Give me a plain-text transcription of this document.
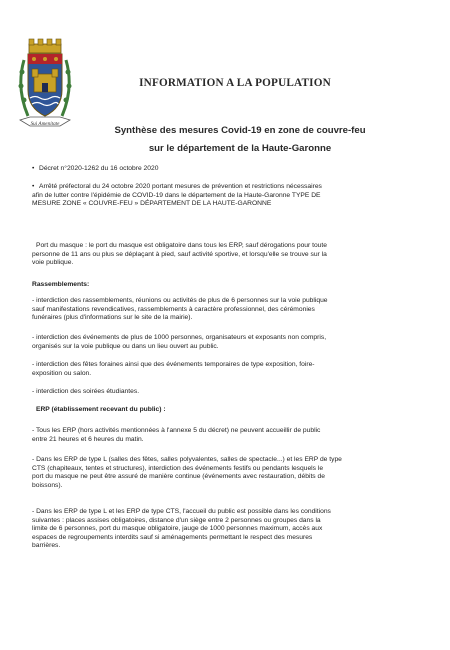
Sui Amenitate
INFORMATION A LA POPULATION
Synthèse des mesures Covid-19 en zone de couvre-feu
sur le département de la Haute-Garonne
• Décret n°2020-1262 du 16 octobre 2020
• Arrêté préfectoral du 24 octobre 2020 portant mesures de prévention et restrictions nécessaires

afin de lutter contre l'épidémie de COVID-19 dans le département de la Haute-Garonne TYPE DE

MESURE ZONE « COUVRE-FEU » DÉPARTEMENT DE LA HAUTE-GARONNE

Port du masque : le port du masque est obligatoire dans tous les ERP, sauf dérogations pour toute

personne de 11 ans ou plus se déplaçant à pied, sauf activité sportive, et lorsqu'elle se trouve sur la

voie publique.

Rassemblements:

- interdiction des rassemblements, réunions ou activités de plus de 6 personnes sur la voie publique

sauf manifestations revendicatives, rassemblements à caractère professionnel, des cérémonies

funéraires (plus d'informations sur le site de la mairie).

- interdiction des événements de plus de 1000 personnes, organisateurs et exposants non compris,

organisés sur la voie publique ou dans un lieu ouvert au public.

- interdiction des fêtes foraines ainsi que des événements temporaires de type exposition, foire-

exposition ou salon.

- interdiction des soirées étudiantes.

ERP (établissement recevant du public) :

- Tous les ERP (hors activités mentionnées à l'annexe 5 du décret) ne peuvent accueillir de public

entre 21 heures et 6 heures du matin.

- Dans les ERP de type L (salles des fêtes, salles polyvalentes, salles de spectacle...) et les ERP de type

CTS (chapiteaux, tentes et structures), interdiction des événements festifs ou pendants lesquels le

port du masque ne peut être assuré de manière continue (événements avec restauration, débits de

boissons).

- Dans les ERP de type L et les ERP de type CTS, l'accueil du public est possible dans les conditions

suivantes : places assises obligatoires, distance d'un siège entre 2 personnes ou groupes dans la

limite de 6 personnes, port du masque obligatoire, jauge de 1000 personnes maximum, accès aux

espaces de regroupements interdits sauf si aménagements permettant le respect des mesures

barrières.
